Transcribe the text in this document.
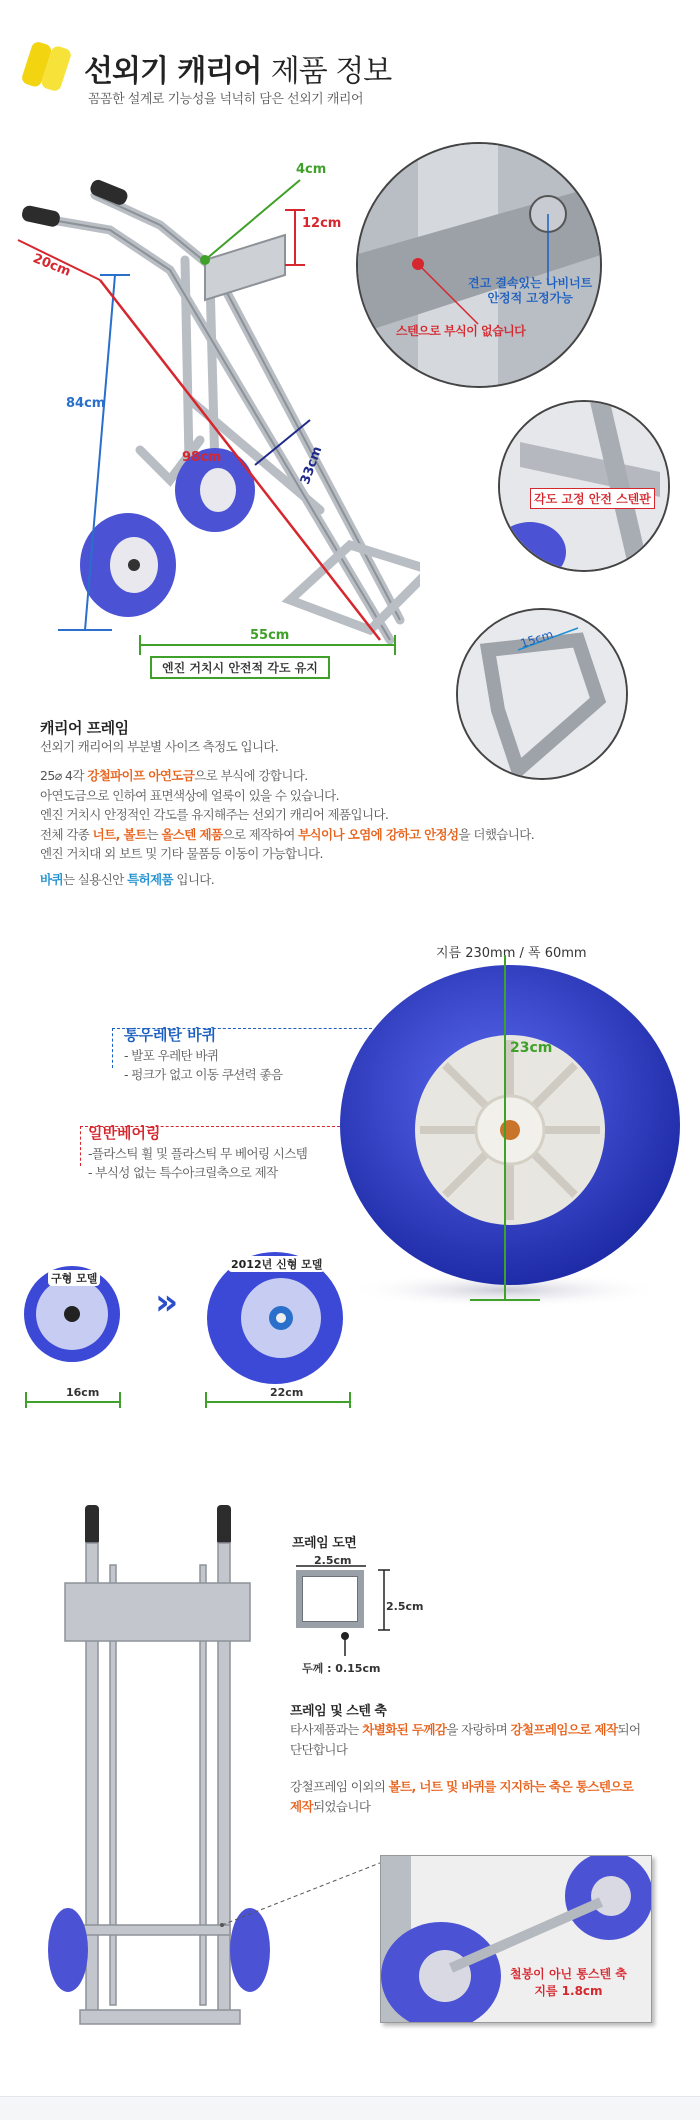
선외기 캐리어 제품 정보
꼼꼼한 설계로 기능성을 넉넉히 담은 선외기 캐리어
4cm
12cm
20cm
84cm
98cm	33cm
55cm
엔진 거치시 안전적 각도 유지
견고 결속있는 나비너트
안정적 고정가능
스텐으로 부식이 없습니다
각도 고정 안전 스텐판
15cm
캐리어 프레임
선외기 캐리어의 부분별 사이즈 측정도 입니다.
25⌀ 4각 강철파이프 아연도금으로 부식에 강합니다.
아연도금으로 인하여 표면색상에 얼룩이 있을 수 있습니다.
엔진 거치시 안정적인 각도를 유지해주는 선외기 캐리어 제품입니다.
전체 각종 너트, 볼트는 올스텐 제품으로 제작하여 부식이나 오염에 강하고 안정성을 더했습니다.
엔진 거치대 외 보트 및 기타 물품등 이동이 가능합니다.
바퀴는 실용신안 특허제품 입니다.
지름 230mm / 폭 60mm
23cm
통우레탄 바퀴
- 발포 우레탄 바퀴
- 펑크가 없고 이동 쿠션력 좋음
일반베어링
-플라스틱 휠 및 플라스틱 무 베어링 시스템
- 부식성 없는 특수아크릴축으로 제작
구형 모델
»
2012년 신형 모델
16cm	22cm
프레임 도면
2.5cm
2.5cm
두께 : 0.15cm
프레임 및 스텐 축
타사제품과는 차별화된 두께감을 자랑하며 강철프레임으로 제작되어
단단합니다
강철프레임 이외의 볼트, 너트 및 바퀴를 지지하는 축은 통스텐으로
제작되었습니다
철봉이 아닌 통스텐 축
지름 1.8cm
